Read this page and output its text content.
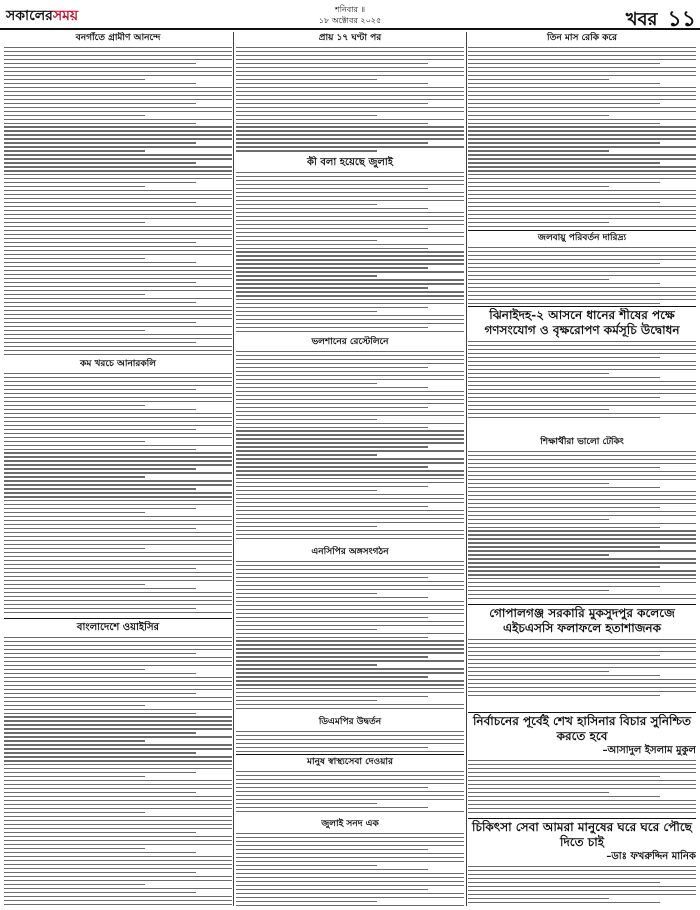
সকালের সময়	শনিবার ॥
১৮ অক্টোবর ২০২৫	খবর ১১
বনগাঁতে গ্রামীণ আনন্দে
কম খরচে আনারকলি
বাংলাদেশে ওয়াইসির
প্রায় ১৭ ঘণ্টা পর
কী বলা হয়েছে জুলাই
ভলশানের রেস্টেলিনে
এনসিপির অঙ্গসংগঠন
ডিএমপির উদ্বর্তন
মানুষ স্বাস্থ্যসেবা দেওয়ার
জুলাই সনদ এক
তিন মাস রেকি করে
জলবায়ু পরিবর্তন দারিদ্র্য
ঝিনাইদহ-২ আসনে ধানের শীষের পক্ষে গণসংযোগ ও বৃক্ষরোপণ কর্মসূচি উদ্বোধন
শিক্ষার্থীরা ভালো টেকিং
গোপালগঞ্জ সরকারি মুকসুদপুর কলেজে এইচএসসি ফলাফলে হতাশাজনক
নির্বাচনের পূর্বেই শেখ হাসিনার বিচার সুনিশ্চিত করতে হবে
–আসাদুল ইসলাম মুকুল
চিকিৎসা সেবা আমরা মানুষের ঘরে ঘরে পৌছে দিতে চাই
–ডাঃ ফখরুদ্দিন মানিক
